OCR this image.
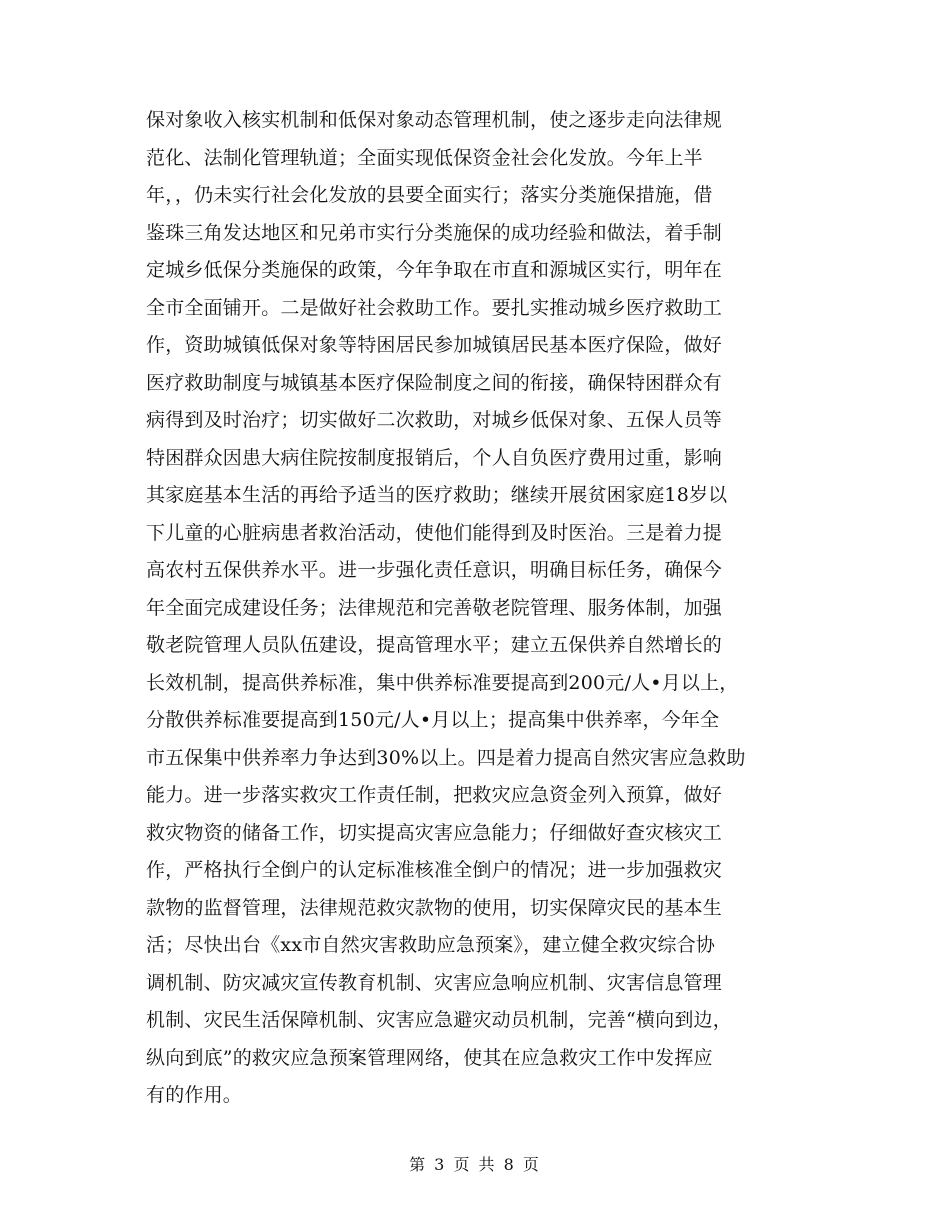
保对象收入核实机制和低保对象动态管理机制，使之逐步走向法律规
范化、法制化管理轨道；全面实现低保资金社会化发放。今年上半
年，，仍未实行社会化发放的县要全面实行；落实分类施保措施，借
鉴珠三角发达地区和兄弟市实行分类施保的成功经验和做法，着手制
定城乡低保分类施保的政策，今年争取在市直和源城区实行，明年在
全市全面铺开。二是做好社会救助工作。要扎实推动城乡医疗救助工
作，资助城镇低保对象等特困居民参加城镇居民基本医疗保险，做好
医疗救助制度与城镇基本医疗保险制度之间的衔接，确保特困群众有
病得到及时治疗；切实做好二次救助，对城乡低保对象、五保人员等
特困群众因患大病住院按制度报销后，个人自负医疗费用过重，影响
其家庭基本生活的再给予适当的医疗救助；继续开展贫困家庭18岁以
下儿童的心脏病患者救治活动，使他们能得到及时医治。三是着力提
高农村五保供养水平。进一步强化责任意识，明确目标任务，确保今
年全面完成建设任务；法律规范和完善敬老院管理、服务体制，加强
敬老院管理人员队伍建设，提高管理水平；建立五保供养自然增长的
长效机制，提高供养标准，集中供养标准要提高到200元/人•月以上，
分散供养标准要提高到150元/人•月以上；提高集中供养率，今年全
市五保集中供养率力争达到30%以上。四是着力提高自然灾害应急救助
能力。进一步落实救灾工作责任制，把救灾应急资金列入预算，做好
救灾物资的储备工作，切实提高灾害应急能力；仔细做好查灾核灾工
作，严格执行全倒户的认定标准核准全倒户的情况；进一步加强救灾
款物的监督管理，法律规范救灾款物的使用，切实保障灾民的基本生
活；尽快出台《xx市自然灾害救助应急预案》，建立健全救灾综合协
调机制、防灾减灾宣传教育机制、灾害应急响应机制、灾害信息管理
机制、灾民生活保障机制、灾害应急避灾动员机制，完善“横向到边，
纵向到底”的救灾应急预案管理网络，使其在应急救灾工作中发挥应
有的作用。
第 3 页 共 8 页
